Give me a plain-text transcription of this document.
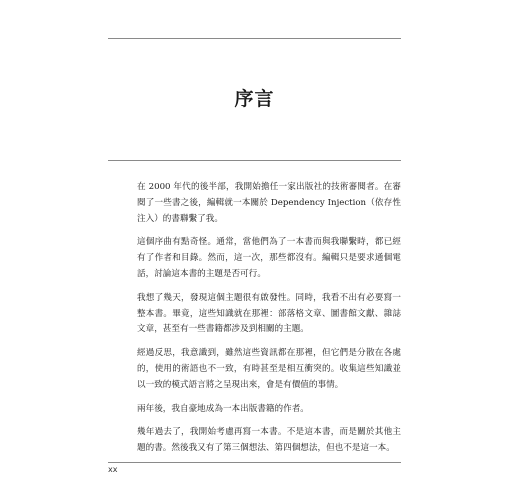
序言

在 2000 年代的後半部，我開始擔任一家出版社的技術審閱者。在審閱了一些書之後，編輯就一本關於 Dependency Injection（依存性注入）的書聯繫了我。

這個序曲有點奇怪。通常，當他們為了一本書而與我聯繫時，都已經有了作者和目錄。然而，這一次，那些都沒有。編輯只是要求通個電話，討論這本書的主題是否可行。

我想了幾天，發現這個主題很有啟發性。同時，我看不出有必要寫一整本書。畢竟，這些知識就在那裡：部落格文章、圖書館文獻、雜誌文章，甚至有一些書籍都涉及到相關的主題。

經過反思，我意識到，雖然這些資訊都在那裡，但它們是分散在各處的，使用的術語也不一致，有時甚至是相互衝突的。收集這些知識並以一致的模式語言將之呈現出來，會是有價值的事情。

兩年後，我自豪地成為一本出版書籍的作者。

幾年過去了，我開始考慮再寫一本書。不是這本書，而是關於其他主題的書。然後我又有了第三個想法、第四個想法，但也不是這一本。

xx
